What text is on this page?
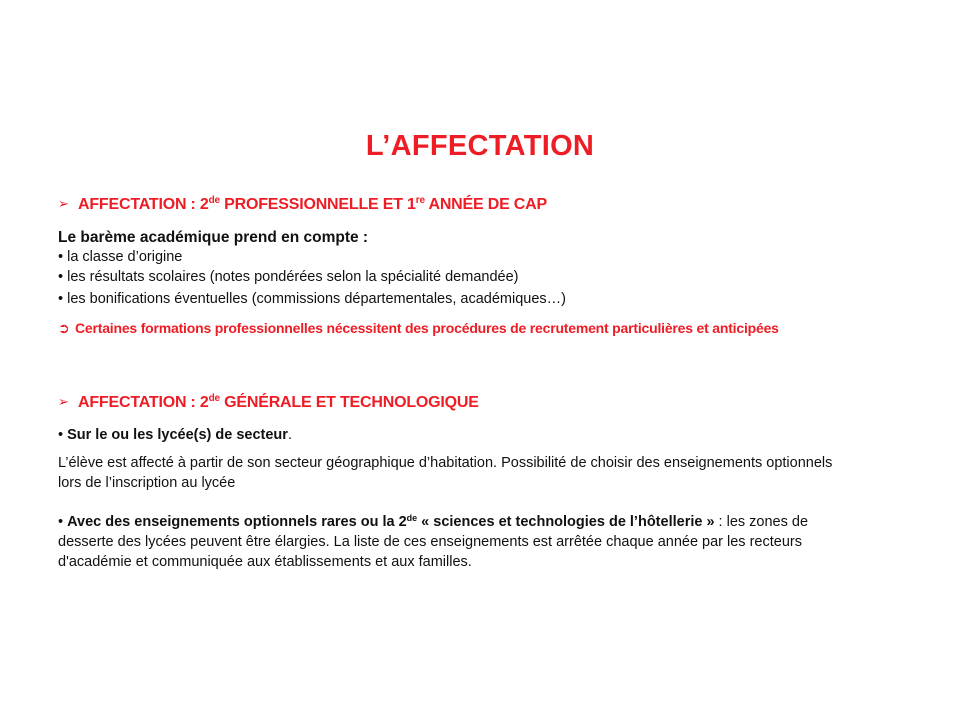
L’AFFECTATION
➢ AFFECTATION : 2de PROFESSIONNELLE ET 1re ANNÉE DE CAP
Le barème académique prend en compte :
• la classe d’origine
• les résultats scolaires (notes pondérées selon la spécialité demandée)
• les bonifications éventuelles (commissions départementales, académiques…)
➲ Certaines formations professionnelles nécessitent des procédures de recrutement particulières et anticipées
➢ AFFECTATION : 2de GÉNÉRALE ET TECHNOLOGIQUE
• Sur le ou les lycée(s) de secteur.
L’élève est affecté à partir de son secteur géographique d’habitation. Possibilité de choisir des enseignements optionnels lors de l’inscription au lycée
• Avec des enseignements optionnels rares ou la 2de « sciences et technologies de l’hôtellerie » : les zones de desserte des lycées peuvent être élargies. La liste de ces enseignements est arrêtée chaque année par les recteurs d'académie et communiquée aux établissements et aux familles.
